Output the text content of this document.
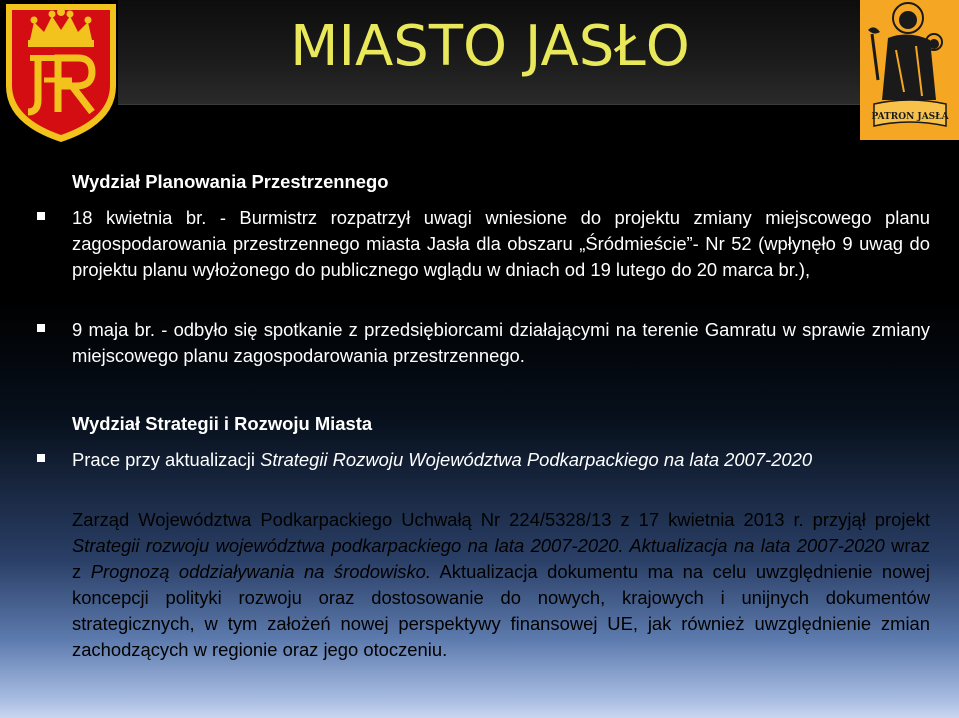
MIASTO JASŁO
PATRON JASŁA
Wydział Planowania Przestrzennego
18 kwietnia br. - Burmistrz rozpatrzył uwagi wniesione do projektu zmiany miejscowego planu zagospodarowania przestrzennego miasta Jasła dla obszaru „Śródmieście”- Nr 52 (wpłynęło 9 uwag do projektu planu wyłożonego do publicznego wglądu w dniach od 19 lutego do 20 marca br.),
9 maja br. - odbyło się spotkanie z przedsiębiorcami działającymi na terenie Gamratu w sprawie zmiany miejscowego planu zagospodarowania przestrzennego.
Wydział Strategii i Rozwoju Miasta
Prace przy aktualizacji Strategii Rozwoju Województwa Podkarpackiego na lata 2007-2020
Zarząd Województwa Podkarpackiego Uchwałą Nr 224/5328/13 z 17 kwietnia 2013 r. przyjął projekt Strategii rozwoju województwa podkarpackiego na lata 2007-2020. Aktualizacja na lata 2007-2020 wraz z Prognozą oddziaływania na środowisko. Aktualizacja dokumentu ma na celu uwzględnienie nowej koncepcji polityki rozwoju oraz dostosowanie do nowych, krajowych i unijnych dokumentów strategicznych, w tym założeń nowej perspektywy finansowej UE, jak również uwzględnienie zmian zachodzących w regionie oraz jego otoczeniu.
